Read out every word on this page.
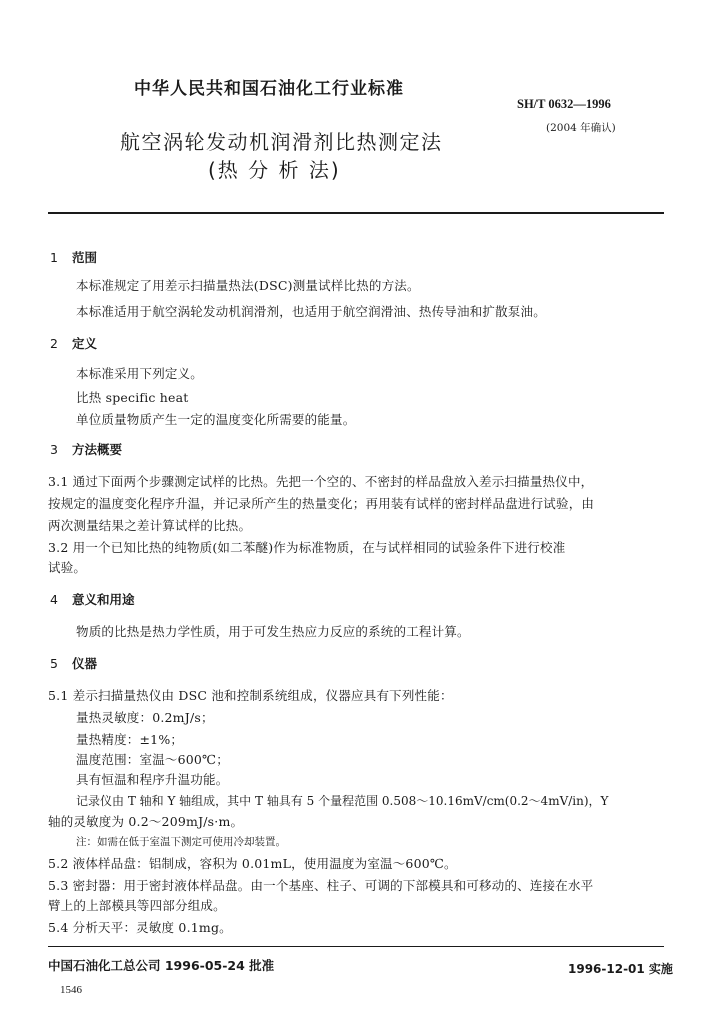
中华人民共和国石油化工行业标准
SH/T 0632—1996
(2004 年确认)
航空涡轮发动机润滑剂比热测定法
(热 分 析 法)
1 范围
本标准规定了用差示扫描量热法(DSC)测量试样比热的方法。
本标准适用于航空涡轮发动机润滑剂，也适用于航空润滑油、热传导油和扩散泵油。
2 定义
本标准采用下列定义。
比热 specific heat
单位质量物质产生一定的温度变化所需要的能量。
3 方法概要
3.1 通过下面两个步骤测定试样的比热。先把一个空的、不密封的样品盘放入差示扫描量热仪中，
按规定的温度变化程序升温，并记录所产生的热量变化；再用装有试样的密封样品盘进行试验，由
两次测量结果之差计算试样的比热。
3.2 用一个已知比热的纯物质(如二苯醚)作为标准物质，在与试样相同的试验条件下进行校准
试验。
4 意义和用途
物质的比热是热力学性质，用于可发生热应力反应的系统的工程计算。
5 仪器
5.1 差示扫描量热仪由 DSC 池和控制系统组成，仪器应具有下列性能：
量热灵敏度：0.2mJ/s；
量热精度：±1%；
温度范围：室温～600℃；
具有恒温和程序升温功能。
记录仪由 T 轴和 Y 轴组成，其中 T 轴具有 5 个量程范围 0.508～10.16mV/cm(0.2～4mV/in)，Y
轴的灵敏度为 0.2～209mJ/s·m。
注：如需在低于室温下测定可使用冷却装置。
5.2 液体样品盘：铝制成，容积为 0.01mL，使用温度为室温～600℃。
5.3 密封器：用于密封液体样品盘。由一个基座、柱子、可调的下部模具和可移动的、连接在水平
臂上的上部模具等四部分组成。
5.4 分析天平：灵敏度 0.1mg。
中国石油化工总公司 1996-05-24 批准	1996-12-01 实施
1546
